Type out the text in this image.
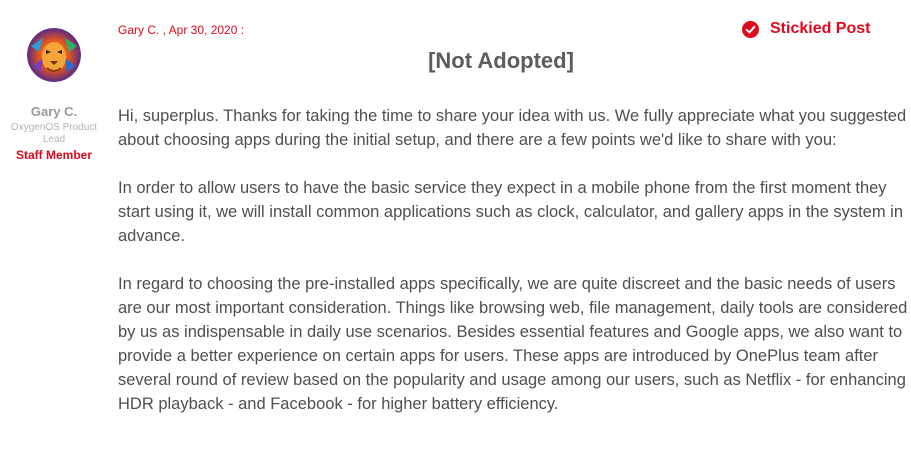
Gary C.
OxygenOS Product Lead
Staff Member
Gary C. , Apr 30, 2020 :	Stickied Post
[Not Adopted]

Hi, superplus. Thanks for taking the time to share your idea with us. We fully appreciate what you suggested about choosing apps during the initial setup, and there are a few points we'd like to share with you:

In order to allow users to have the basic service they expect in a mobile phone from the first moment they start using it, we will install common applications such as clock, calculator, and gallery apps in the system in advance.

In regard to choosing the pre-installed apps specifically, we are quite discreet and the basic needs of users are our most important consideration. Things like browsing web, file management, daily tools are considered by us as indispensable in daily use scenarios. Besides essential features and Google apps, we also want to provide a better experience on certain apps for users. These apps are introduced by OnePlus team after several round of review based on the popularity and usage among our users, such as Netflix - for enhancing HDR playback - and Facebook - for higher battery efficiency.
